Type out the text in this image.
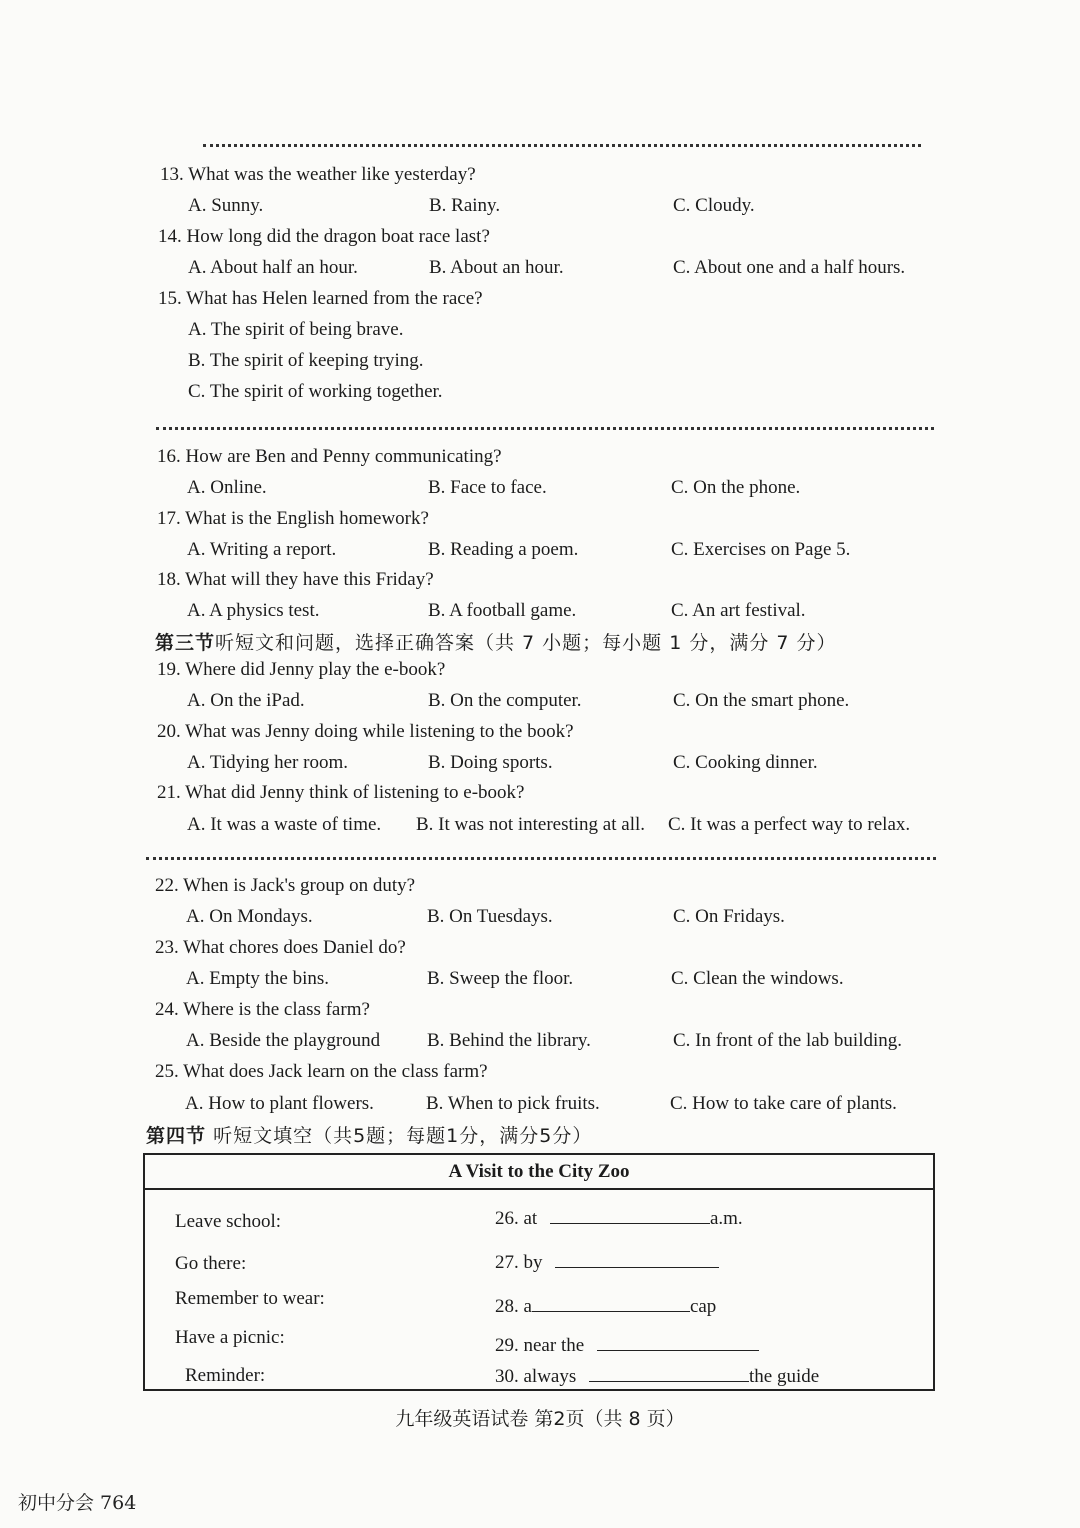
13. What was the weather like yesterday?
A. Sunny.	B. Rainy.	C. Cloudy.
14. How long did the dragon boat race last?
A. About half an hour.	B. About an hour.	C. About one and a half hours.
15. What has Helen learned from the race?
A. The spirit of being brave.
B. The spirit of keeping trying.
C. The spirit of working together.
16. How are Ben and Penny communicating?
A. Online.	B. Face to face.	C. On the phone.
17. What is the English homework?
A. Writing a report.	B. Reading a poem.	C. Exercises on Page 5.
18. What will they have this Friday?
A. A physics test.	B. A football game.	C. An art festival.
第三节听短文和问题，选择正确答案（共 7 小题；每小题 1 分，满分 7 分）
19. Where did Jenny play the e-book?
A. On the iPad.	B. On the computer.	C. On the smart phone.
20. What was Jenny doing while listening to the book?
A. Tidying her room.	B. Doing sports.	C. Cooking dinner.
21. What did Jenny think of listening to e-book?
A. It was a waste of time. B. It was not interesting at all. C. It was a perfect way to relax.
22. When is Jack's group on duty?
A. On Mondays.	B. On Tuesdays.	C. On Fridays.
23. What chores does Daniel do?
A. Empty the bins.	B. Sweep the floor.	C. Clean the windows.
24. Where is the class farm?
A. Beside the playground B. Behind the library.	C. In front of the lab building.
25. What does Jack learn on the class farm?
A. How to plant flowers.	B. When to pick fruits.	C. How to take care of plants.
第四节 听短文填空（共5题；每题1分，满分5分）
A Visit to the City Zoo
Leave school:	26. at	a.m.
Go there:	27. by
Remember to wear:	28. a	cap
Have a picnic:	29. near the
Reminder:	30. always	the guide
九年级英语试卷 第2页（共 8 页）
初中分会 764
